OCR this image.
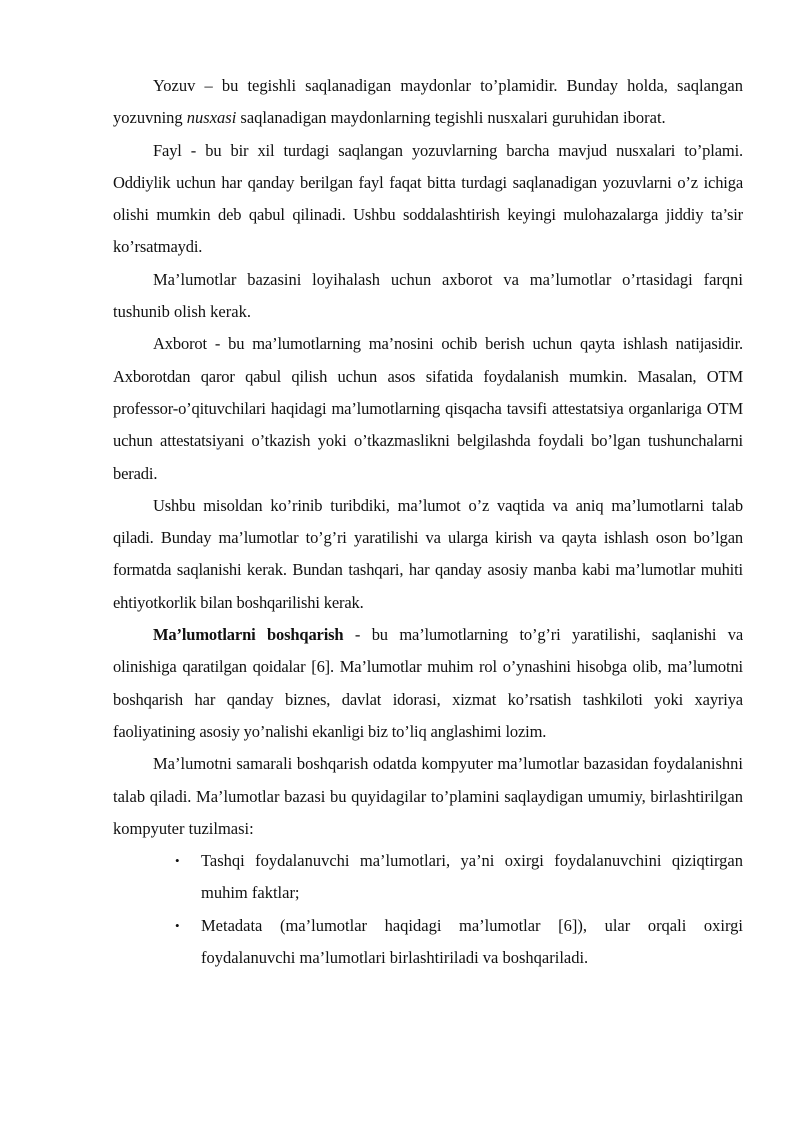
Yozuv – bu tegishli saqlanadigan maydonlar to’plamidir. Bunday holda, saqlangan yozuvning nusxasi saqlanadigan maydonlarning tegishli nusxalari guruhidan iborat.

Fayl - bu bir xil turdagi saqlangan yozuvlarning barcha mavjud nusxalari to’plami. Oddiylik uchun har qanday berilgan fayl faqat bitta turdagi saqlanadigan yozuvlarni o’z ichiga olishi mumkin deb qabul qilinadi. Ushbu soddalashtirish keyingi mulohazalarga jiddiy ta’sir ko’rsatmaydi.

Ma’lumotlar bazasini loyihalash uchun axborot va ma’lumotlar o’rtasidagi farqni tushunib olish kerak.

Axborot - bu ma’lumotlarning ma’nosini ochib berish uchun qayta ishlash natijasidir. Axborotdan qaror qabul qilish uchun asos sifatida foydalanish mumkin. Masalan, OTM professor-o’qituvchilari haqidagi ma’lumotlarning qisqacha tavsifi attestatsiya organlariga OTM uchun attestatsiyani o’tkazish yoki o’tkazmaslikni belgilashda foydali bo’lgan tushunchalarni beradi.

Ushbu misoldan ko’rinib turibdiki, ma’lumot o’z vaqtida va aniq ma’lumotlarni talab qiladi. Bunday ma’lumotlar to’g’ri yaratilishi va ularga kirish va qayta ishlash oson bo’lgan formatda saqlanishi kerak. Bundan tashqari, har qanday asosiy manba kabi ma’lumotlar muhiti ehtiyotkorlik bilan boshqarilishi kerak.

Ma’lumotlarni boshqarish - bu ma’lumotlarning to’g’ri yaratilishi, saqlanishi va olinishiga qaratilgan qoidalar [6]. Ma’lumotlar muhim rol o’ynashini hisobga olib, ma’lumotni boshqarish har qanday biznes, davlat idorasi, xizmat ko’rsatish tashkiloti yoki xayriya faoliyatining asosiy yo’nalishi ekanligi biz to’liq anglashimi lozim.

Ma’lumotni samarali boshqarish odatda kompyuter ma’lumotlar bazasidan foydalanishni talab qiladi. Ma’lumotlar bazasi bu quyidagilar to’plamini saqlaydigan umumiy, birlashtirilgan kompyuter tuzilmasi:

• Tashqi foydalanuvchi ma’lumotlari, ya’ni oxirgi foydalanuvchini qiziqtirgan muhim faktlar;
• Metadata (ma’lumotlar haqidagi ma’lumotlar [6]), ular orqali oxirgi foydalanuvchi ma’lumotlari birlashtiriladi va boshqariladi.
